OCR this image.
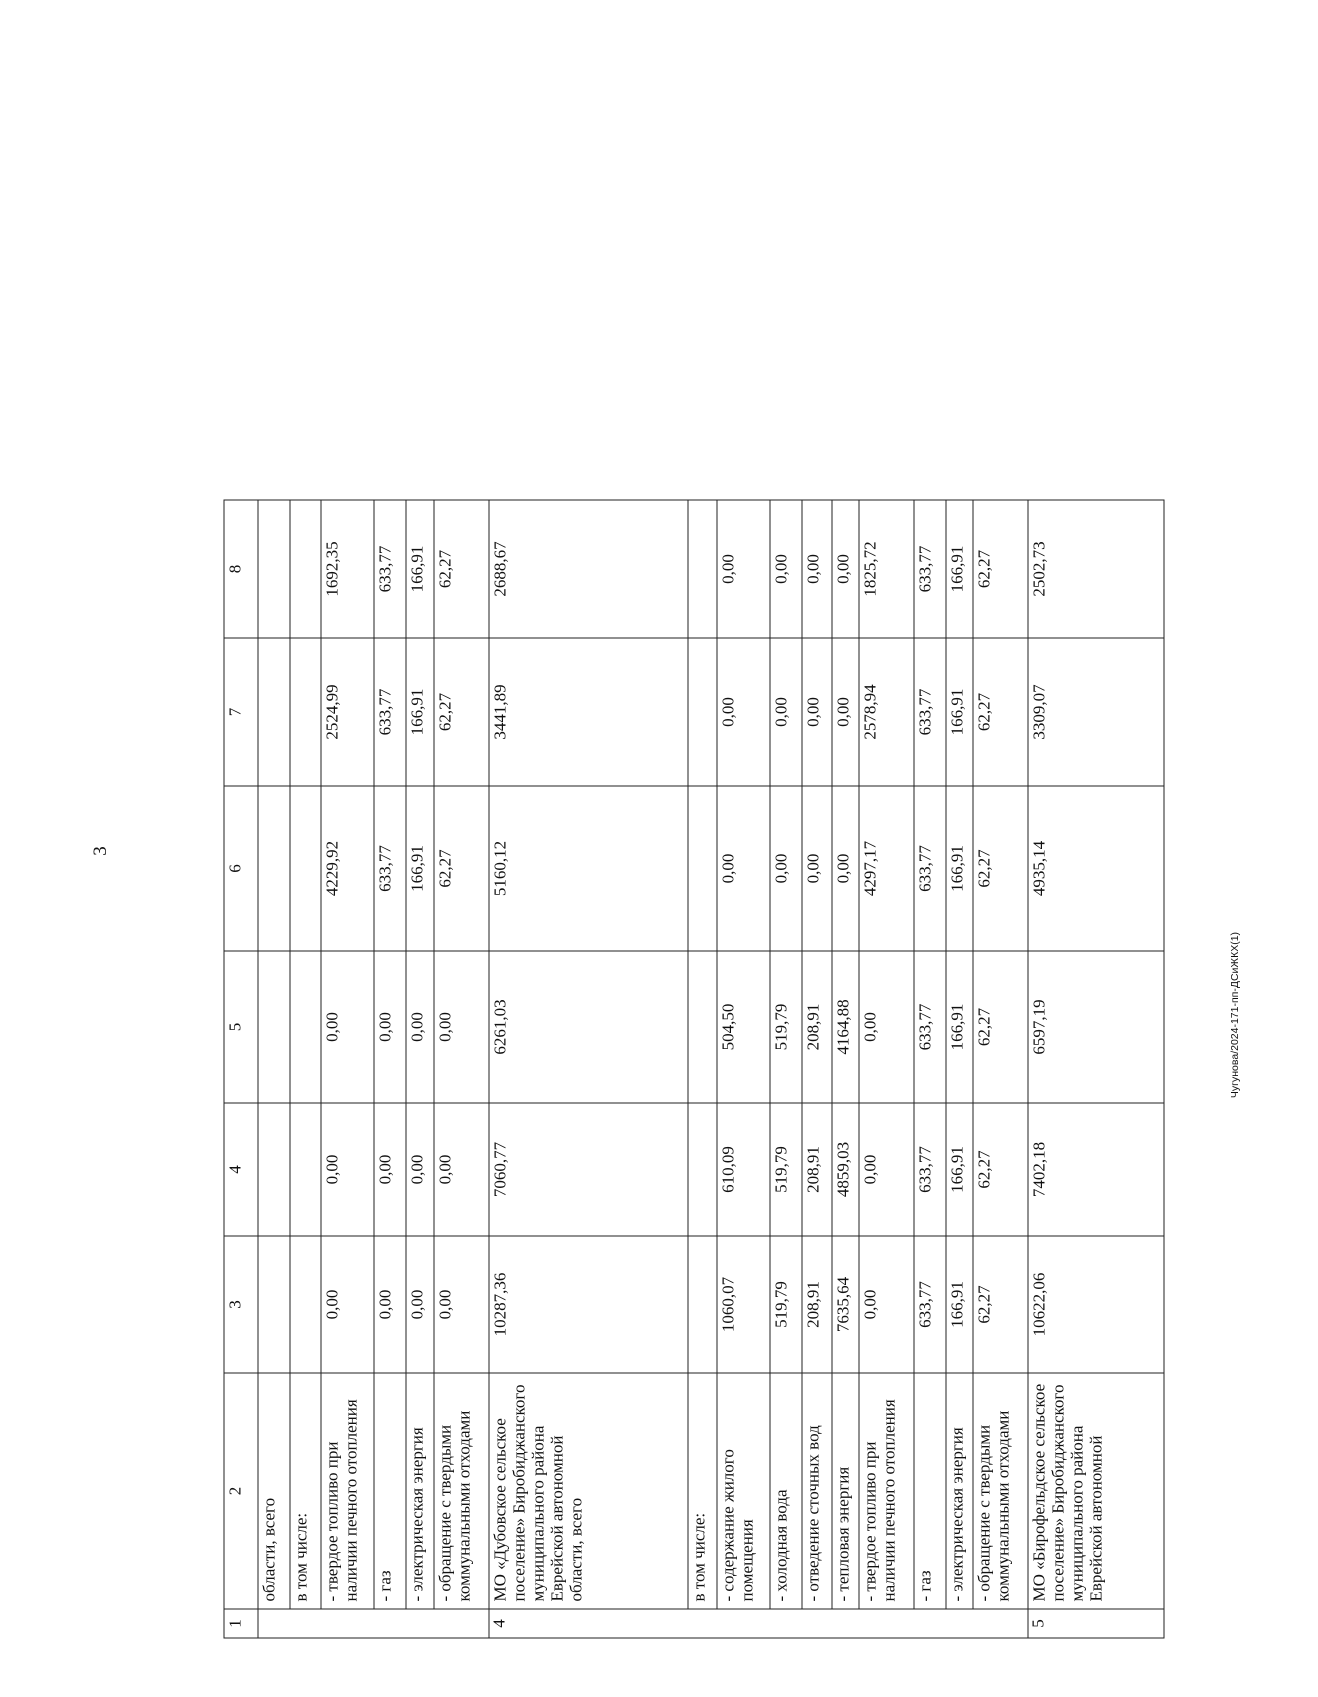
3
Чугунова/2024-171-пп-ДСиЖКХ(1)
1	2	3	4	5	6	7	8
	области, всего						
	в том числе:						
	- твердое топливо при наличии печного отопления	0,00	0,00	0,00	4229,92	2524,99	1692,35
	- газ	0,00	0,00	0,00	633,77	633,77	633,77
	- электрическая энергия	0,00	0,00	0,00	166,91	166,91	166,91
	- обращение с твердыми коммунальными отходами	0,00	0,00	0,00	62,27	62,27	62,27
4	МО «Дубовское сельское поселение» Биробиджанского муниципального района Еврейской автономной области, всего	10287,36	7060,77	6261,03	5160,12	3441,89	2688,67
	в том числе:						
	- содержание жилого помещения	1060,07	610,09	504,50	0,00	0,00	0,00
	- холодная вода	519,79	519,79	519,79	0,00	0,00	0,00
	- отведение сточных вод	208,91	208,91	208,91	0,00	0,00	0,00
	- тепловая энергия	7635,64	4859,03	4164,88	0,00	0,00	0,00
	- твердое топливо при наличии печного отопления	0,00	0,00	0,00	4297,17	2578,94	1825,72
	- газ	633,77	633,77	633,77	633,77	633,77	633,77
	- электрическая энергия	166,91	166,91	166,91	166,91	166,91	166,91
	- обращение с твердыми коммунальными отходами	62,27	62,27	62,27	62,27	62,27	62,27
5	МО «Бирофельдское сельское поселение» Биробиджанского муниципального района Еврейской автономной	10622,06	7402,18	6597,19	4935,14	3309,07	2502,73
